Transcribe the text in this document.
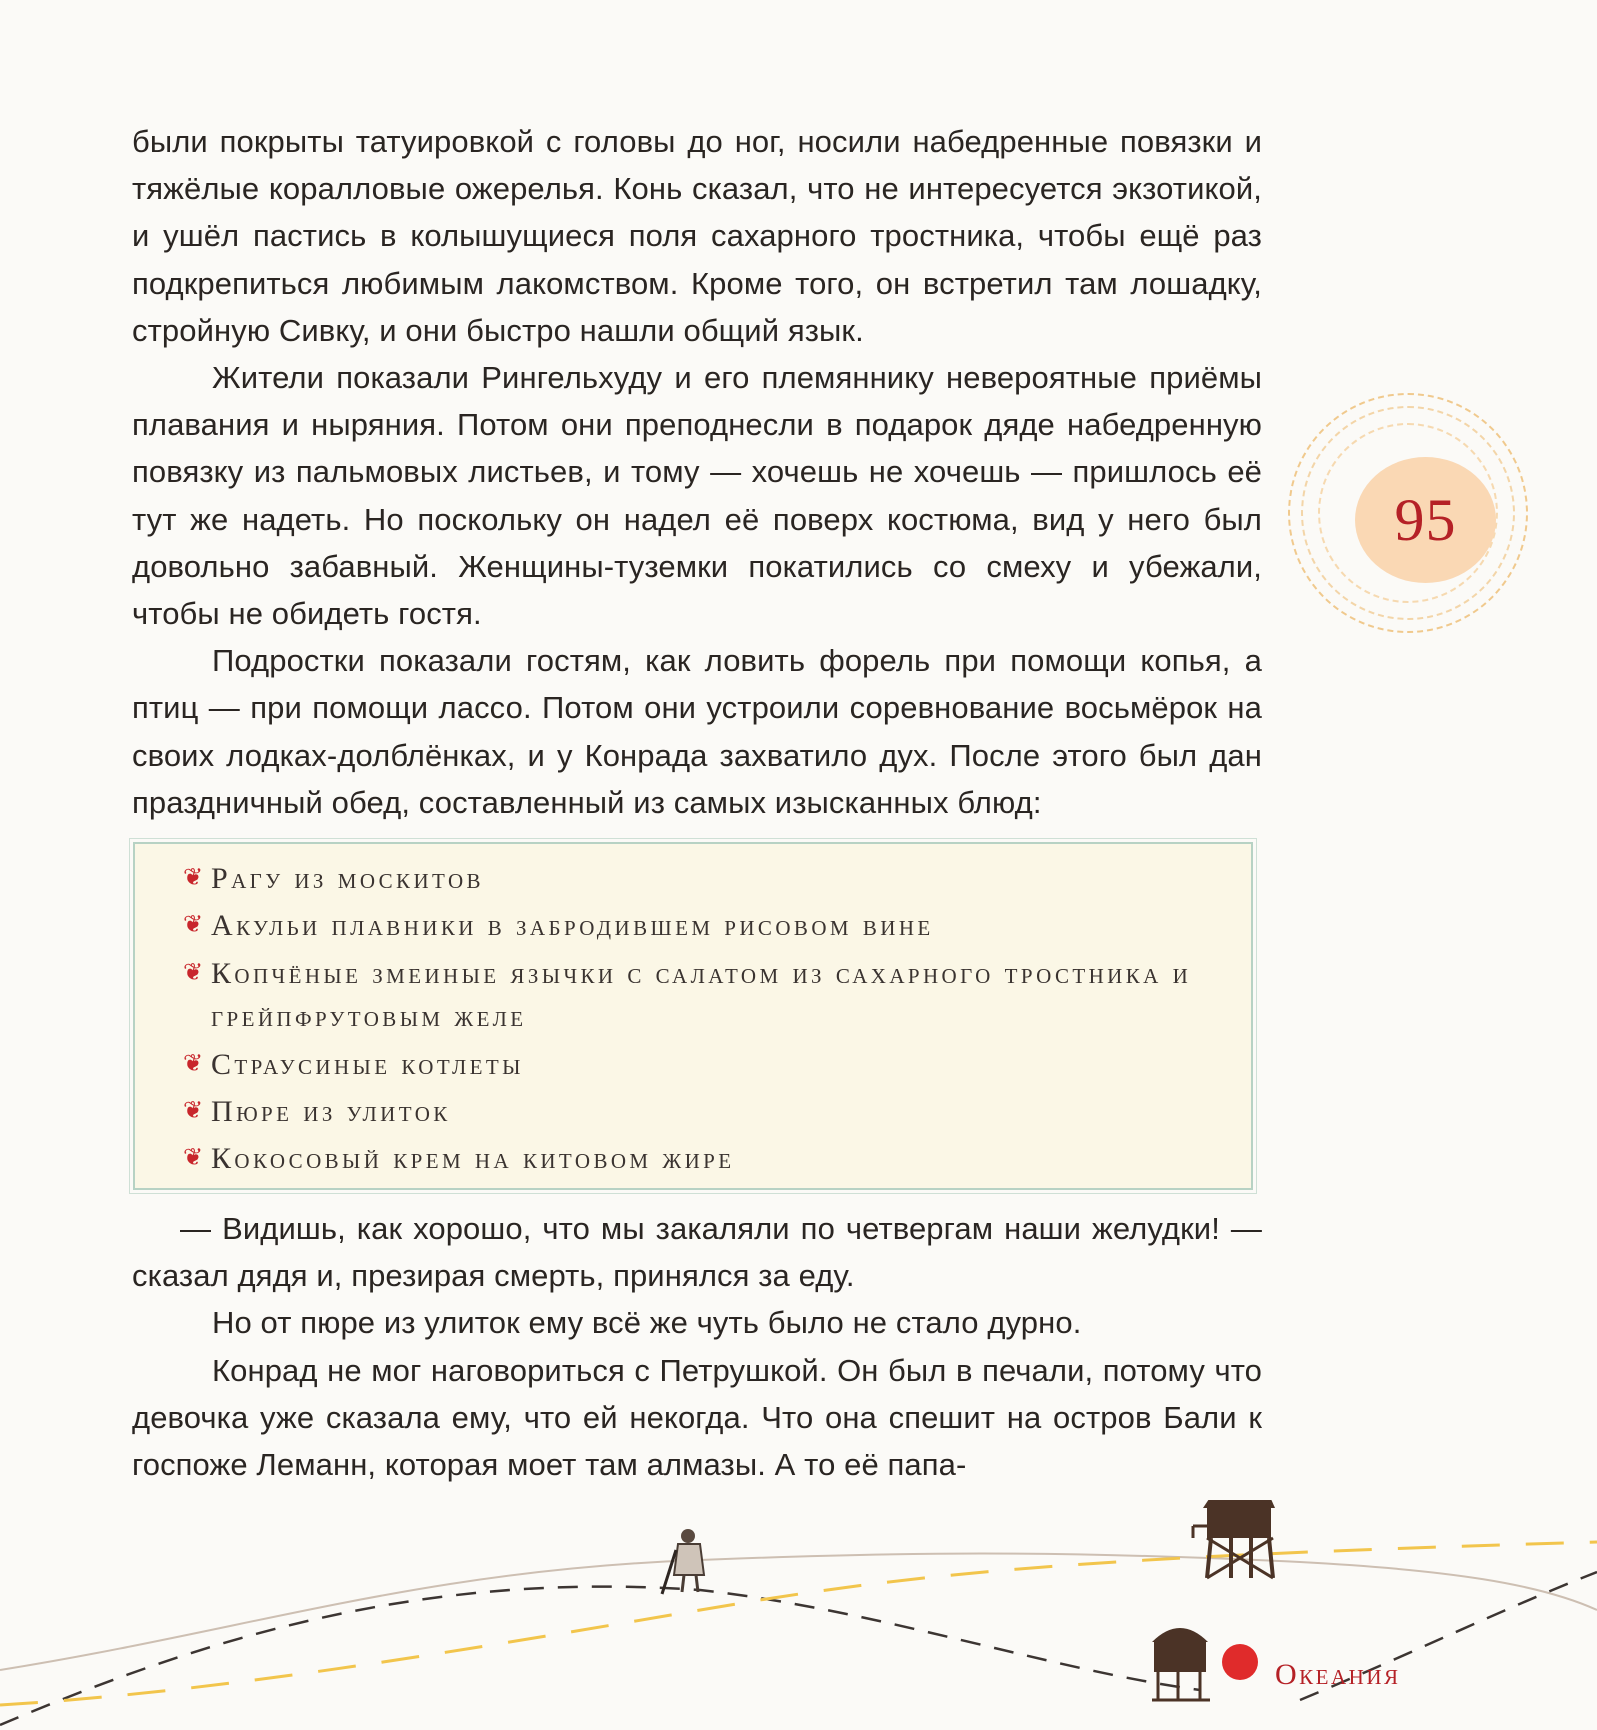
были покрыты татуировкой с головы до ног, носили набедренные повязки и тяжёлые коралловые ожерелья. Конь сказал, что не интересуется экзотикой, и ушёл пастись в колышущиеся поля сахарного тростника, чтобы ещё раз подкрепиться любимым лакомством. Кроме того, он встретил там лошадку, стройную Сивку, и они быстро нашли общий язык.

Жители показали Рингельхуду и его племяннику невероятные приёмы плавания и ныряния. Потом они преподнесли в подарок дяде набедренную повязку из пальмовых листьев, и тому — хочешь не хочешь — пришлось её тут же надеть. Но поскольку он надел её поверх костюма, вид у него был довольно забавный. Женщины-туземки покатились со смеху и убежали, чтобы не обидеть гостя.

Подростки показали гостям, как ловить форель при помощи копья, а птиц — при помощи лассо. Потом они устроили соревнование восьмёрок на своих лодках-долблёнках, и у Конрада захватило дух. После этого был дан праздничный обед, составленный из самых изысканных блюд:

❦ Рагу из москитов
❦ Акульи плавники в забродившем рисовом вине
❦ Копчёные змеиные язычки с салатом из сахарного тростника и грейпфрутовым желе
❦ Страусиные котлеты
❦ Пюре из улиток
❦ Кокосовый крем на китовом жире

— Видишь, как хорошо, что мы закаляли по четвергам наши желудки! — сказал дядя и, презирая смерть, принялся за еду.

Но от пюре из улиток ему всё же чуть было не стало дурно.

Конрад не мог наговориться с Петрушкой. Он был в печали, потому что девочка уже сказала ему, что ей некогда. Что она спешит на остров Бали к госпоже Леманн, которая моет там алмазы. А то её папа-

95
Океания
